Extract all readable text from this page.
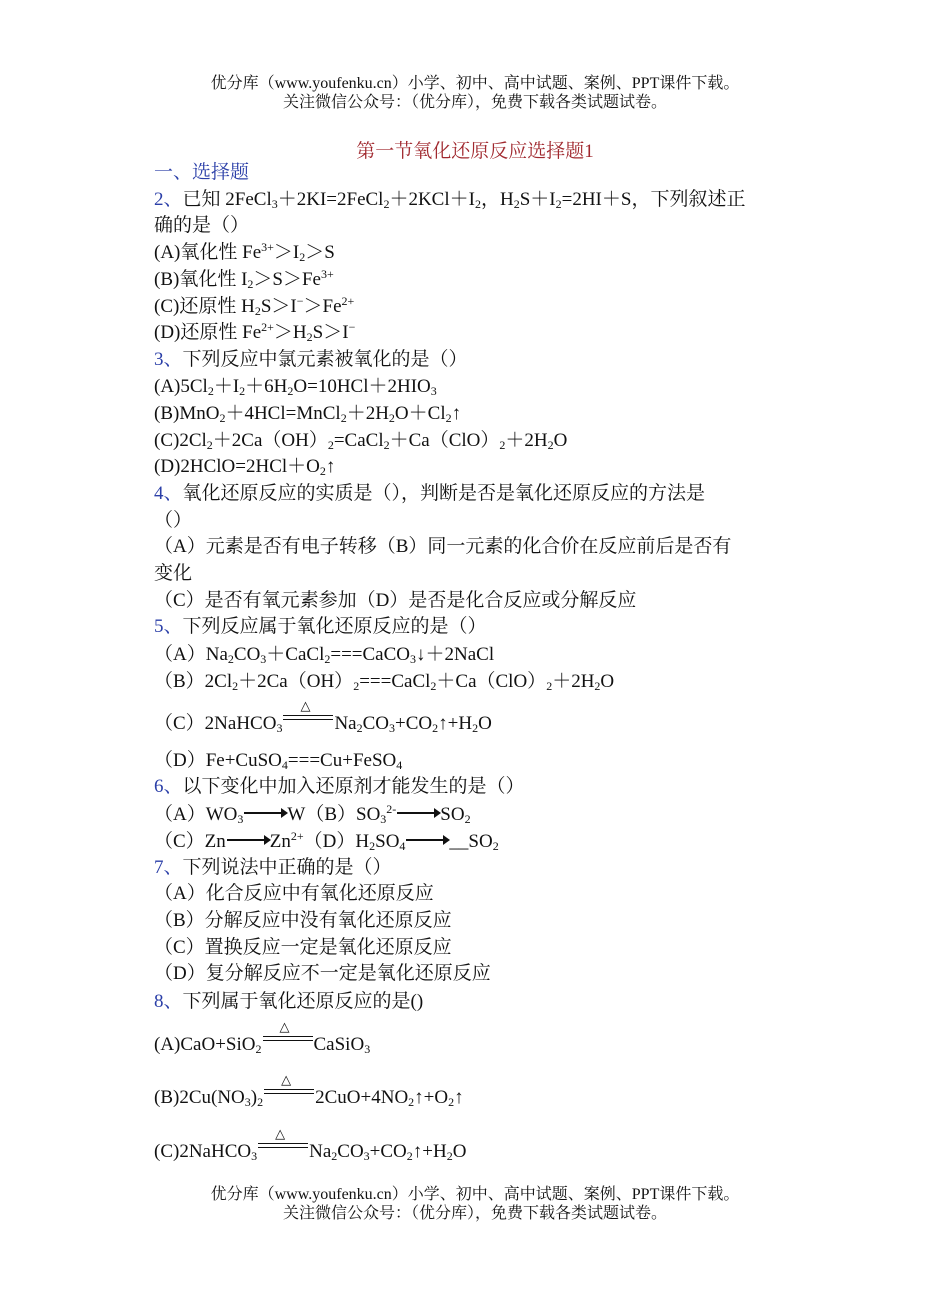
优分库（www.youfenku.cn）小学、初中、高中试题、案例、PPT课件下载。
关注微信公众号：（优分库），免费下载各类试题试卷。
第一节氧化还原反应选择题1
一、选择题
2、已知 $2FeCl_3+2KI=2FeCl_2+2KCl+I_2$，$H_2S+I_2=2HI+S$，下列叙述正
确的是（）
(A)氧化性 $Fe^{3+}>I_2>S$
(B)氧化性 $I_2>S>Fe^{3+}$
(C)还原性 $H_2S>I^->Fe^{2+}$
(D)还原性 $Fe^{2+}>H_2S>I^-$
3、下列反应中氯元素被氧化的是（）
$(A)5Cl_2+I_2+6H_2O=10HCl+2HIO_3$
$(B)MnO_2+4HCl=MnCl_2+2H_2O+Cl_2↑$
$(C)2Cl_2+2Ca(OH)_2=CaCl_2+Ca(ClO)_2+2H_2O$
$(D)2HClO=2HCl+O_2↑$
4、氧化还原反应的实质是（），判断是否是氧化还原反应的方法是
（）
（A）元素是否有电子转移（B）同一元素的化合价在反应前后是否有
变化
（C）是否有氧元素参加（D）是否是化合反应或分解反应
5、下列反应属于氧化还原反应的是（）
$(A)Na_2CO_3+CaCl_2===CaCO_3↓+2NaCl$
$(B)2Cl_2+2Ca(OH)_2===CaCl_2+Ca(ClO)_2+2H_2O$
（C）2NaHCO$_3$
△
$Na_2CO_3+CO_2↑+H_2O$
（D）Fe+CuSO$_4$===Cu+FeSO$_4$
6、以下变化中加入还原剂才能发生的是（）
$(A)WO_3$ $W(B)SO_3^{2-}$ $SO_2$
（C）Zn $Zn^{2+}(D)H_2SO_4$ $\_\_SO_2$
7、下列说法中正确的是（）
（A）化合反应中有氧化还原反应
（B）分解反应中没有氧化还原反应
（C）置换反应一定是氧化还原反应
（D）复分解反应不一定是氧化还原反应
8、下列属于氧化还原反应的是()
(A)CaO+SiO$_2$
△
CaSiO$_3$
$(B)2Cu(NO_3)_2$
△
$2CuO+4NO_2↑+O_2↑$
(C)2NaHCO$_3$
△
$Na_2CO_3+CO_2↑+H_2O$
优分库（www.youfenku.cn）小学、初中、高中试题、案例、PPT课件下载。
关注微信公众号：（优分库），免费下载各类试题试卷。
